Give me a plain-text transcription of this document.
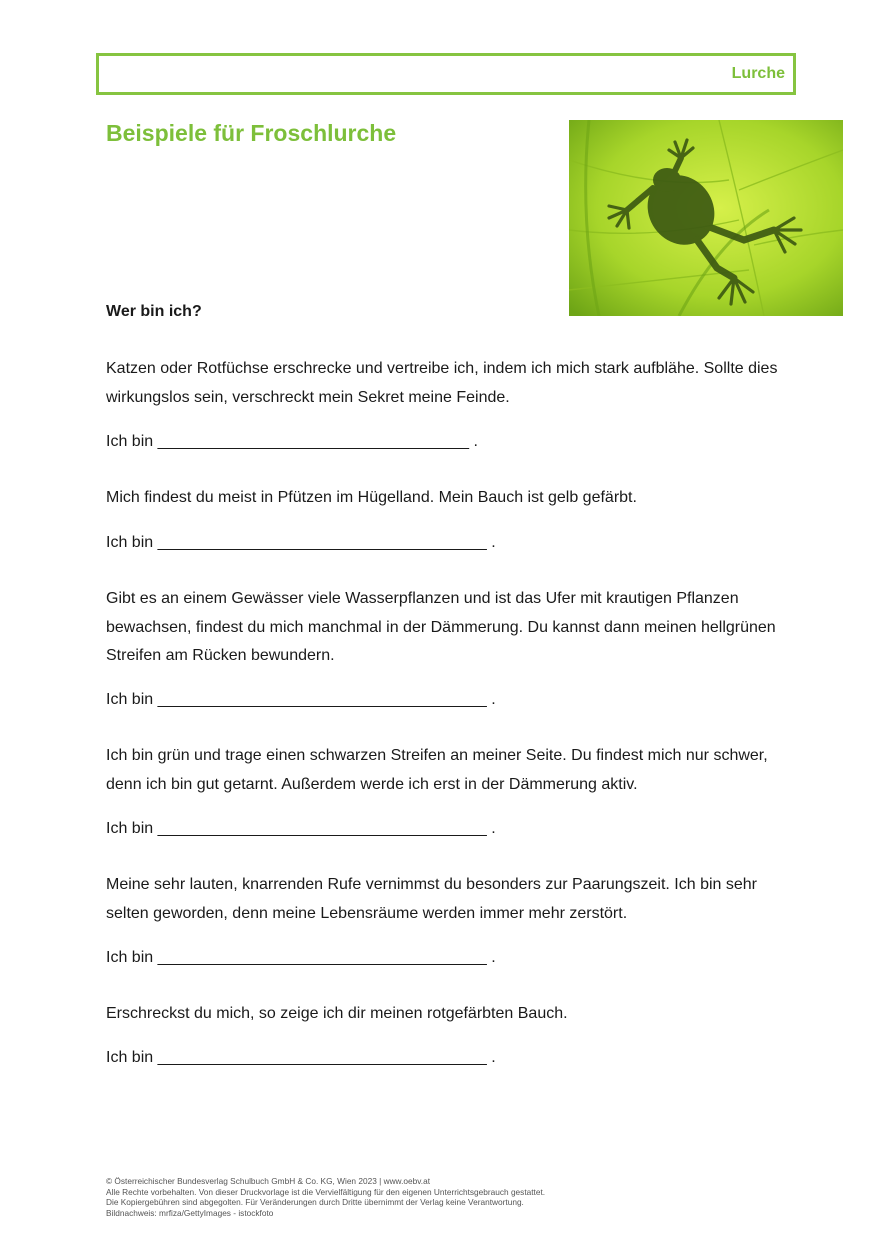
Lurche
Beispiele für Froschlurche
Wer bin ich?

Katzen oder Rotfüchse erschrecke und vertreibe ich, indem ich mich stark aufblähe. Sollte dies wirkungslos sein, verschreckt mein Sekret meine Feinde.

Ich bin ___________________________________ .

Mich findest du meist in Pfützen im Hügelland. Mein Bauch ist gelb gefärbt.

Ich bin _____________________________________ .

Gibt es an einem Gewässer viele Wasserpflanzen und ist das Ufer mit krautigen Pflanzen bewachsen, findest du mich manchmal in der Dämmerung. Du kannst dann meinen hellgrünen Streifen am Rücken bewundern.

Ich bin _____________________________________ .

Ich bin grün und trage einen schwarzen Streifen an meiner Seite. Du findest mich nur schwer, denn ich bin gut getarnt. Außerdem werde ich erst in der Dämmerung aktiv.

Ich bin _____________________________________ .

Meine sehr lauten, knarrenden Rufe vernimmst du besonders zur Paarungszeit. Ich bin sehr selten geworden, denn meine Lebensräume werden immer mehr zerstört.

Ich bin _____________________________________ .

Erschreckst du mich, so zeige ich dir meinen rotgefärbten Bauch.

Ich bin _____________________________________ .

© Österreichischer Bundesverlag Schulbuch GmbH & Co. KG, Wien 2023 | www.oebv.at
Alle Rechte vorbehalten. Von dieser Druckvorlage ist die Vervielfältigung für den eigenen Unterrichtsgebrauch gestattet.
Die Kopiergebühren sind abgegolten. Für Veränderungen durch Dritte übernimmt der Verlag keine Verantwortung.
Bildnachweis: mrfiza/GettyImages - istockfoto
